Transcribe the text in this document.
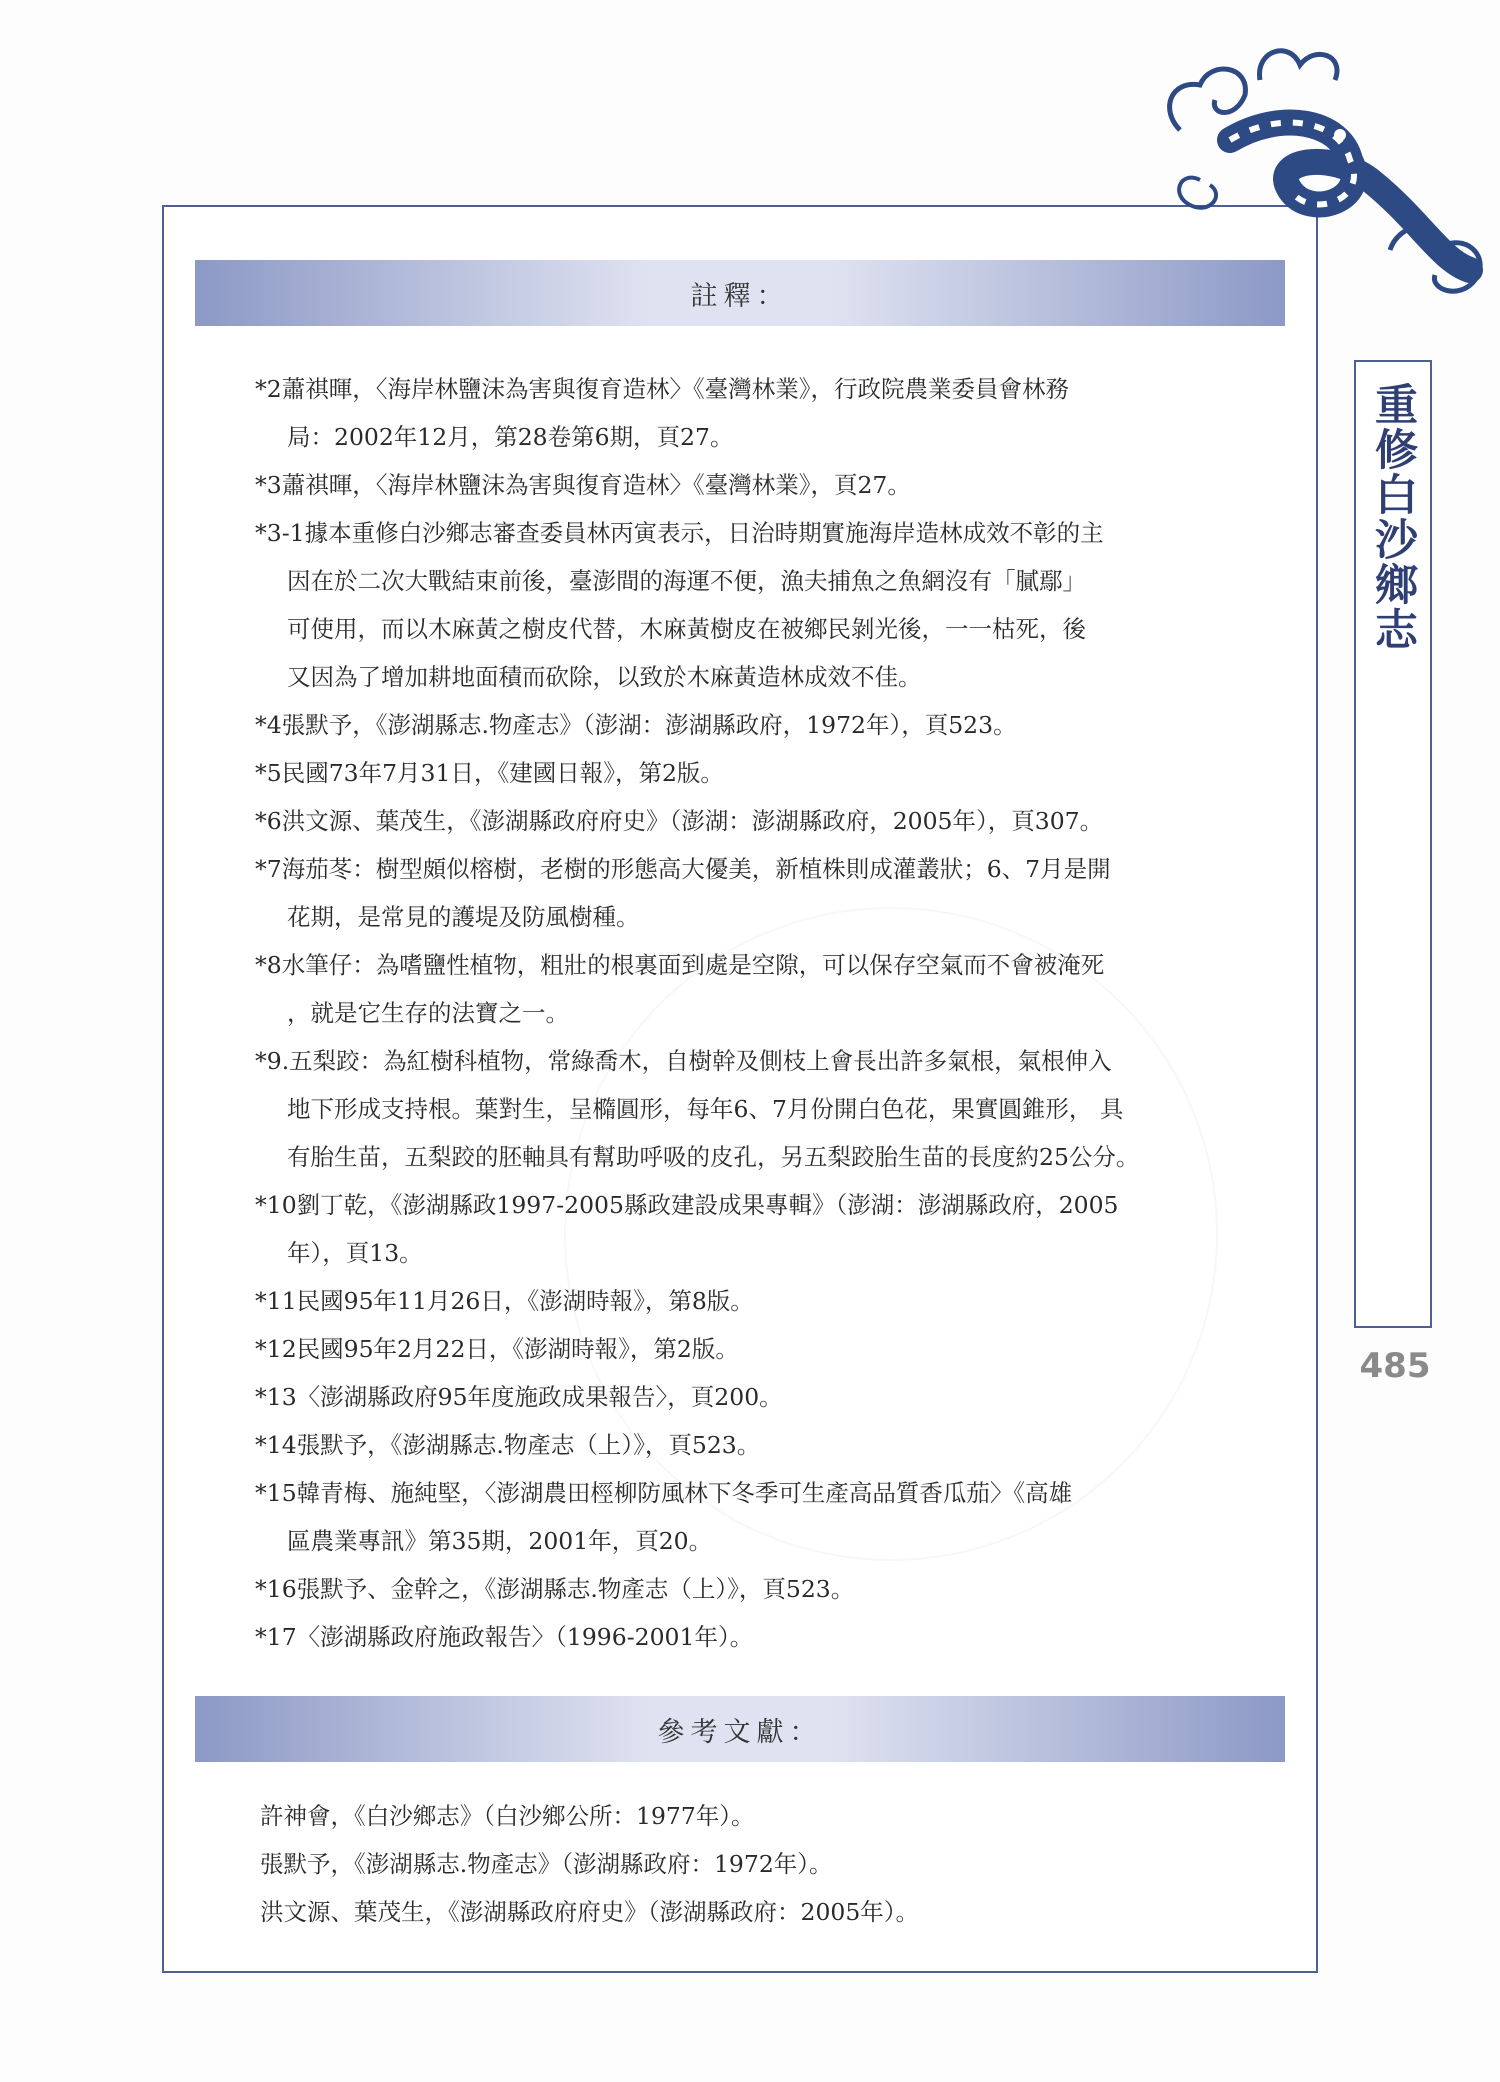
註釋：
*2蕭祺暉，〈海岸林鹽沫為害與復育造林〉《臺灣林業》，行政院農業委員會林務
局：2002年12月，第28卷第6期，頁27。
*3蕭祺暉，〈海岸林鹽沫為害與復育造林〉《臺灣林業》，頁27。
*3-1據本重修白沙鄉志審查委員林丙寅表示，日治時期實施海岸造林成效不彰的主
因在於二次大戰結束前後，臺澎間的海運不便，漁夫捕魚之魚網沒有「膩鄢」
可使用，而以木麻黃之樹皮代替，木麻黃樹皮在被鄉民剝光後，一一枯死，後
又因為了增加耕地面積而砍除，以致於木麻黃造林成效不佳。
*4張默予，《澎湖縣志.物產志》（澎湖：澎湖縣政府，1972年），頁523。
*5民國73年7月31日，《建國日報》，第2版。
*6洪文源、葉茂生，《澎湖縣政府府史》（澎湖：澎湖縣政府，2005年），頁307。
*7海茄苳：樹型頗似榕樹，老樹的形態高大優美，新植株則成灌叢狀；6、7月是開
花期，是常見的護堤及防風樹種。
*8水筆仔：為嗜鹽性植物，粗壯的根裏面到處是空隙，可以保存空氣而不會被淹死
，就是它生存的法寶之一。
*9.五梨跤：為紅樹科植物，常綠喬木，自樹幹及側枝上會長出許多氣根，氣根伸入
地下形成支持根。葉對生，呈橢圓形，每年6、7月份開白色花，果實圓錐形， 具
有胎生苗，五梨跤的胚軸具有幫助呼吸的皮孔，另五梨跤胎生苗的長度約25公分。
*10劉丁乾，《澎湖縣政1997-2005縣政建設成果專輯》（澎湖：澎湖縣政府，2005
年），頁13。
*11民國95年11月26日，《澎湖時報》，第8版。
*12民國95年2月22日，《澎湖時報》，第2版。
*13〈澎湖縣政府95年度施政成果報告〉，頁200。
*14張默予，《澎湖縣志.物產志（上）》，頁523。
*15韓青梅、施純堅，〈澎湖農田桱柳防風林下冬季可生產高品質香瓜茄〉《高雄
區農業專訊》第35期，2001年，頁20。
*16張默予、金幹之，《澎湖縣志.物產志（上）》，頁523。
*17〈澎湖縣政府施政報告〉（1996-2001年）。
參考文獻：
許神會，《白沙鄉志》（白沙鄉公所：1977年）。
張默予，《澎湖縣志.物產志》（澎湖縣政府：1972年）。
洪文源、葉茂生，《澎湖縣政府府史》（澎湖縣政府：2005年）。
重修白沙鄉志
485
